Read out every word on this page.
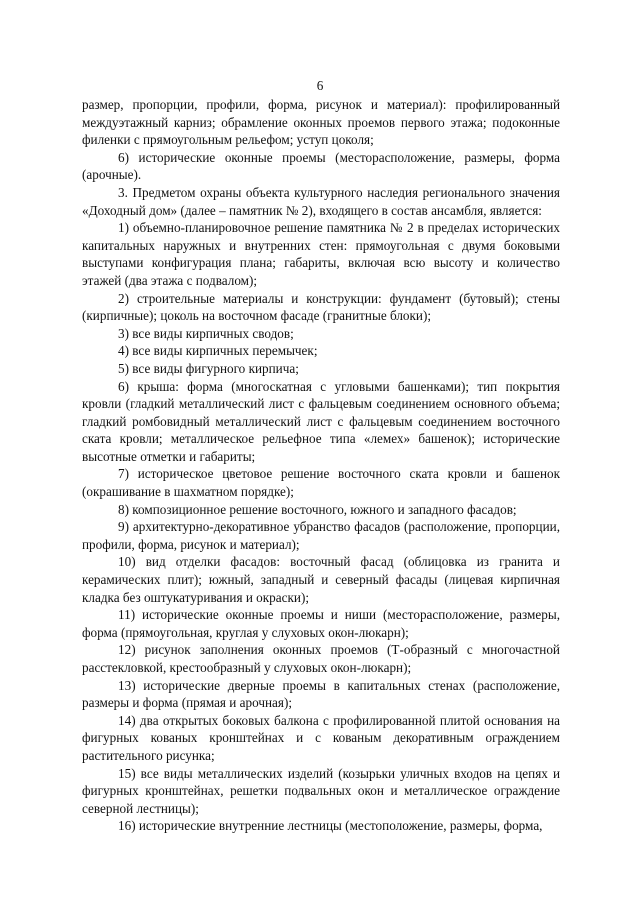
6

размер, пропорции, профили, форма, рисунок и материал): профилированный междуэтажный карниз; обрамление оконных проемов первого этажа; подоконные филенки с прямоугольным рельефом; уступ цоколя;

6) исторические оконные проемы (месторасположение, размеры, форма (арочные).

3. Предметом охраны объекта культурного наследия регионального значения «Доходный дом» (далее – памятник № 2), входящего в состав ансамбля, является:

1) объемно-планировочное решение памятника № 2 в пределах исторических капитальных наружных и внутренних стен: прямоугольная с двумя боковыми выступами конфигурация плана; габариты, включая всю высоту и количество этажей (два этажа с подвалом);

2) строительные материалы и конструкции: фундамент (бутовый); стены (кирпичные); цоколь на восточном фасаде (гранитные блоки);

3) все виды кирпичных сводов;

4) все виды кирпичных перемычек;

5) все виды фигурного кирпича;

6) крыша: форма (многоскатная с угловыми башенками); тип покрытия кровли (гладкий металлический лист с фальцевым соединением основного объема; гладкий ромбовидный металлический лист с фальцевым соединением восточного ската кровли; металлическое рельефное типа «лемех» башенок); исторические высотные отметки и габариты;

7) историческое цветовое решение восточного ската кровли и башенок (окрашивание в шахматном порядке);

8) композиционное решение восточного, южного и западного фасадов;

9) архитектурно-декоративное убранство фасадов (расположение, пропорции, профили, форма, рисунок и материал);

10) вид отделки фасадов: восточный фасад (облицовка из гранита и керамических плит); южный, западный и северный фасады (лицевая кирпичная кладка без оштукатуривания и окраски);

11) исторические оконные проемы и ниши (месторасположение, размеры, форма (прямоугольная, круглая у слуховых окон-люкарн);

12) рисунок заполнения оконных проемов (Т-образный с многочастной расстекловкой, крестообразный у слуховых окон-люкарн);

13) исторические дверные проемы в капитальных стенах (расположение, размеры и форма (прямая и арочная);

14) два открытых боковых балкона с профилированной плитой основания на фигурных кованых кронштейнах и с кованым декоративным ограждением растительного рисунка;

15) все виды металлических изделий (козырьки уличных входов на цепях и фигурных кронштейнах, решетки подвальных окон и металлическое ограждение северной лестницы);

16) исторические внутренние лестницы (местоположение, размеры, форма,
